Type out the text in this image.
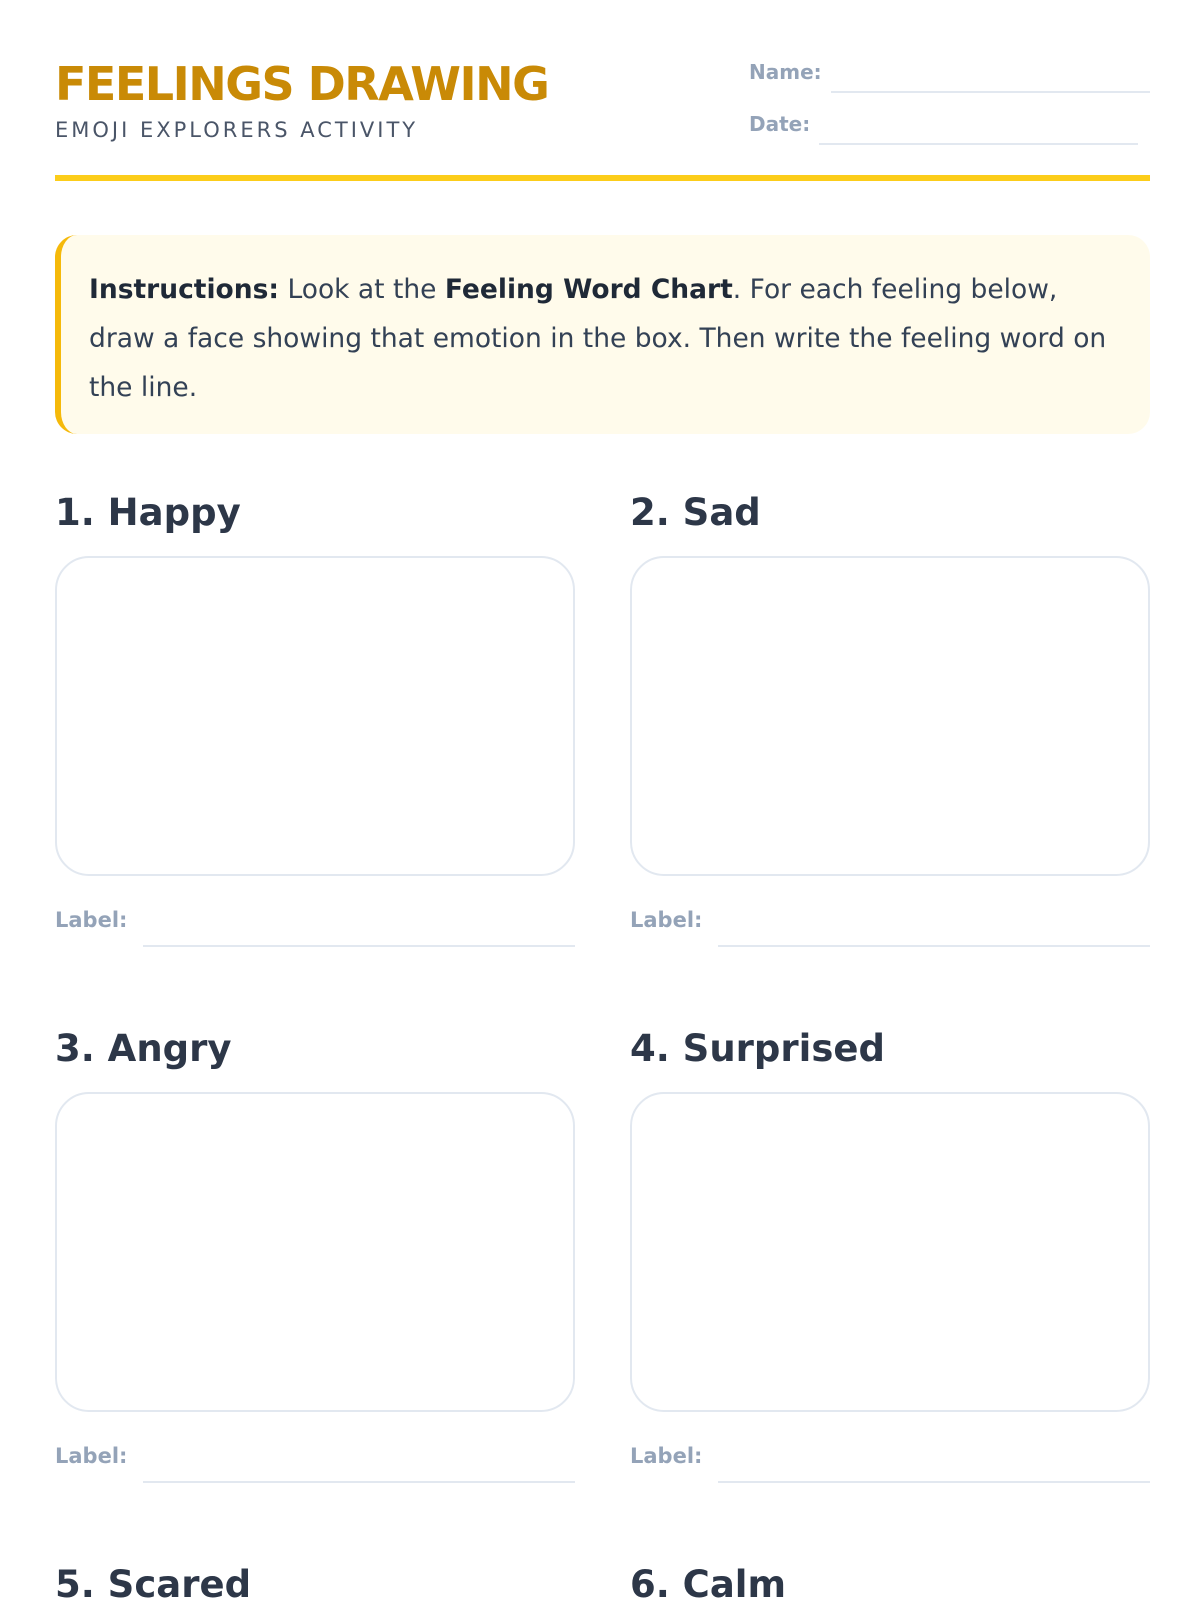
FEELINGS DRAWING
EMOJI EXPLORERS ACTIVITY
Name:
Date:
Instructions: Look at the Feeling Word Chart. For each feeling below, draw a face showing that emotion in the box. Then write the feeling word on the line.
1. Happy
Label:
2. Sad
Label:
3. Angry
Label:
4. Surprised
Label:
5. Scared	6. Calm
